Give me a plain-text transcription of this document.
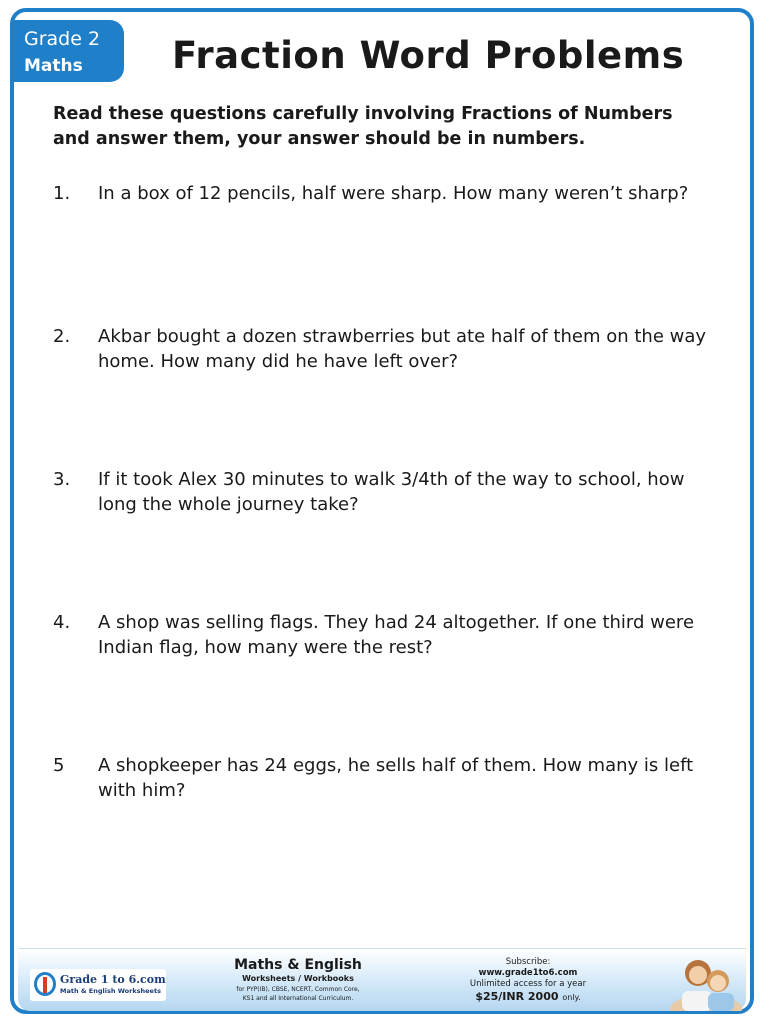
Grade 2
Maths Fraction Word Problems
Read these questions carefully involving Fractions of Numbers and answer them, your answer should be in numbers.
1. In a box of 12 pencils, half were sharp. How many weren’t sharp?
2. Akbar bought a dozen strawberries but ate half of them on the way home. How many did he have left over?
3. If it took Alex 30 minutes to walk 3/4th of the way to school, how long the whole journey take?
4. A shop was selling flags. They had 24 altogether. If one third were Indian flag, how many were the rest?
5 A shopkeeper has 24 eggs, he sells half of them. How many is left with him?
Grade 1 to 6.com
Math & English Worksheets
Maths & English
Worksheets / Workbooks
for PYP(IB), CBSE, NCERT, Common Core,
KS1 and all International Curriculum.
Subscribe:
www.grade1to6.com
Unlimited access for a year
$25/INR 2000 only.
